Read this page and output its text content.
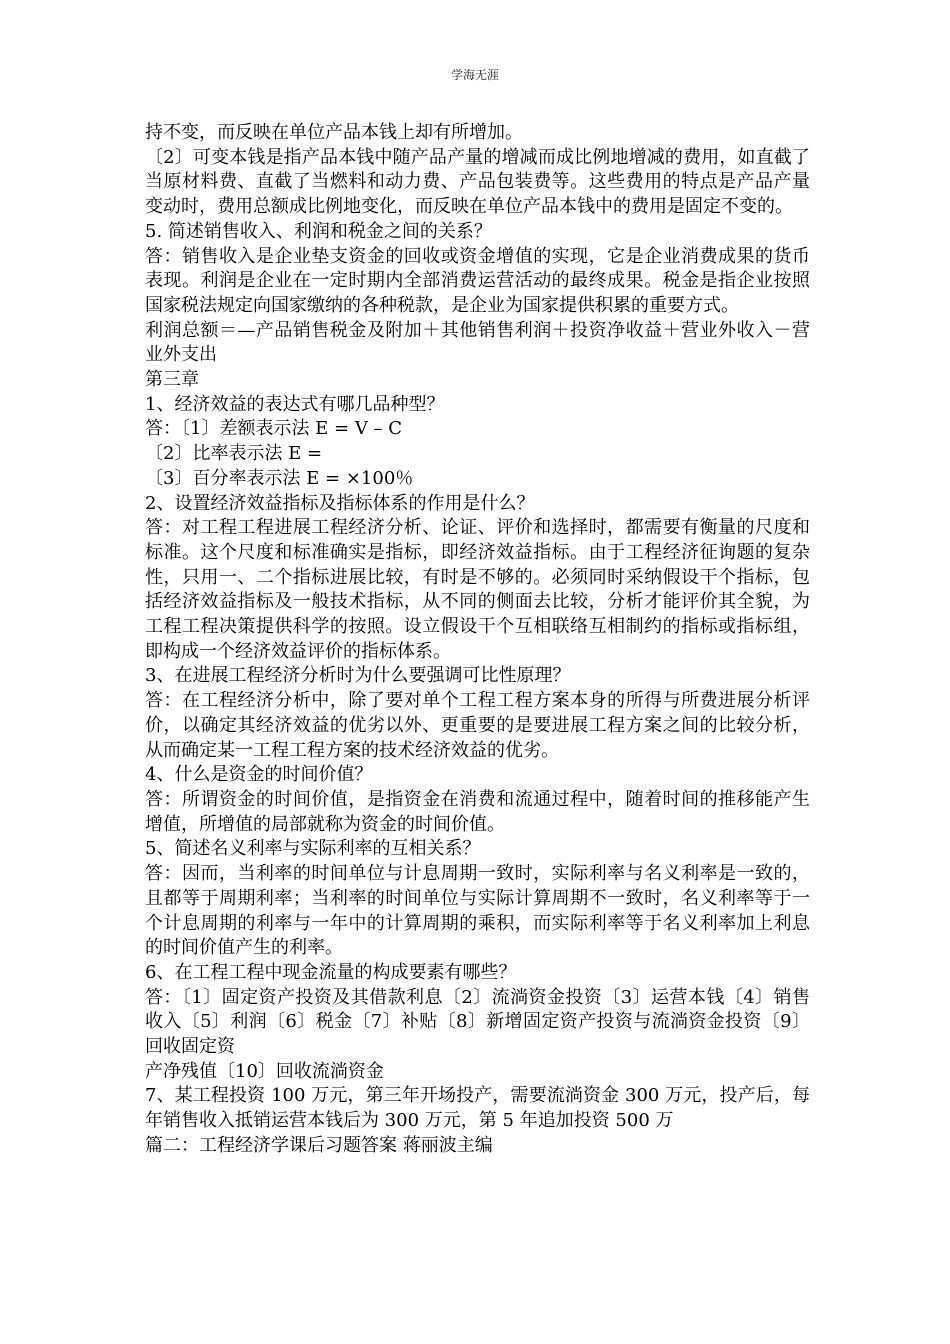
学海无涯

持不变，而反映在单位产品本钱上却有所增加。

〔2〕可变本钱是指产品本钱中随产品产量的增减而成比例地增减的费用，如直截了当原材料费、直截了当燃料和动力费、产品包装费等。这些费用的特点是产品产量变动时，费用总额成比例地变化，而反映在单位产品本钱中的费用是固定不变的。

5. 简述销售收入、利润和税金之间的关系？

答：销售收入是企业垫支资金的回收或资金增值的实现，它是企业消费成果的货币表现。利润是企业在一定时期内全部消费运营活动的最终成果。税金是指企业按照国家税法规定向国家缴纳的各种税款，是企业为国家提供积累的重要方式。

利润总额＝—产品销售税金及附加＋其他销售利润＋投资净收益＋营业外收入－营业外支出

第三章

1、经济效益的表达式有哪几品种型？

答：〔1〕差额表示法 E = V – C

〔2〕比率表示法 E =

〔3〕百分率表示法 E = ×100％

2、设置经济效益指标及指标体系的作用是什么？

答：对工程工程进展工程经济分析、论证、评价和选择时，都需要有衡量的尺度和标准。这个尺度和标准确实是指标，即经济效益指标。由于工程经济征询题的复杂性，只用一、二个指标进展比较，有时是不够的。必须同时采纳假设干个指标，包括经济效益指标及一般技术指标，从不同的侧面去比较，分析才能评价其全貌，为工程工程决策提供科学的按照。设立假设干个互相联络互相制约的指标或指标组，即构成一个经济效益评价的指标体系。

3、在进展工程经济分析时为什么要强调可比性原理？

答：在工程经济分析中，除了要对单个工程工程方案本身的所得与所费进展分析评价，以确定其经济效益的优劣以外、更重要的是要进展工程方案之间的比较分析，从而确定某一工程工程方案的技术经济效益的优劣。

4、什么是资金的时间价值？

答：所谓资金的时间价值，是指资金在消费和流通过程中，随着时间的推移能产生增值，所增值的局部就称为资金的时间价值。

5、简述名义利率与实际利率的互相关系？

答：因而，当利率的时间单位与计息周期一致时，实际利率与名义利率是一致的，且都等于周期利率；当利率的时间单位与实际计算周期不一致时，名义利率等于一个计息周期的利率与一年中的计算周期的乘积，而实际利率等于名义利率加上利息的时间价值产生的利率。

6、在工程工程中现金流量的构成要素有哪些？

答：〔1〕固定资产投资及其借款利息〔2〕流淌资金投资〔3〕运营本钱〔4〕销售收入〔5〕利润〔6〕税金〔7〕补贴〔8〕新增固定资产投资与流淌资金投资〔9〕回收固定资

产净残值〔10〕回收流淌资金

7、某工程投资 100 万元，第三年开场投产，需要流淌资金 300 万元，投产后，每年销售收入抵销运营本钱后为 300 万元，第 5 年追加投资 500 万

篇二：工程经济学课后习题答案 蒋丽波主编
